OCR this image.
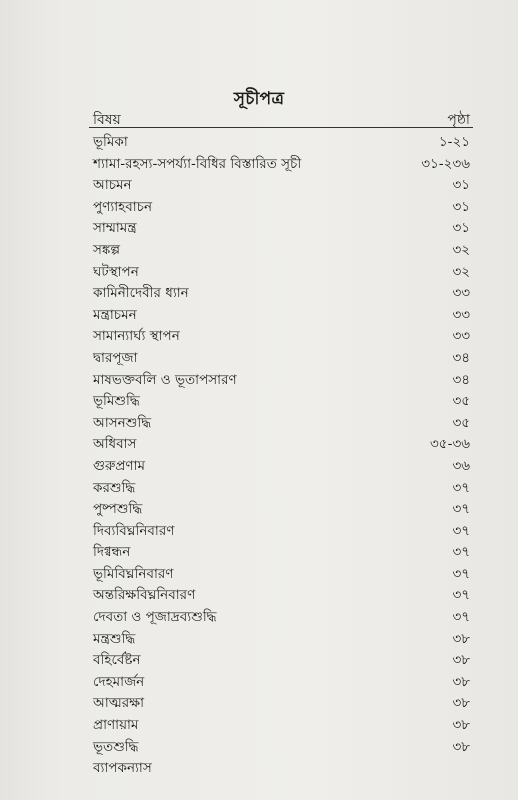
সূচীপত্র
বিষয়	পৃষ্ঠা
ভূমিকা	১-২১
শ্যামা-রহস্য-সপর্য্যা-বিধির বিস্তারিত সূচী	৩১-২৩৬
আচমন	৩১
পুণ্যাহবাচন	৩১
সাম্মামন্ত্র	৩১
সঙ্কল্প	৩২
ঘটস্থাপন	৩২
কামিনীদেবীর ধ্যান	৩৩
মন্ত্রাচমন	৩৩
সামান্যার্ঘ্য স্থাপন	৩৩
দ্বারপূজা	৩৪
মাষভক্তবলি ও ভূতাপসারণ	৩৪
ভূমিশুদ্ধি	৩৫
আসনশুদ্ধি	৩৫
অধিবাস	৩৫-৩৬
গুরুপ্রণাম	৩৬
করশুদ্ধি	৩৭
পুষ্পশুদ্ধি	৩৭
দিব্যবিঘ্ননিবারণ	৩৭
দিগ্বন্ধন	৩৭
ভূমিবিঘ্ননিবারণ	৩৭
অন্তরিক্ষবিঘ্ননিবারণ	৩৭
দেবতা ও পূজাদ্রব্যশুদ্ধি	৩৭
মন্ত্রশুদ্ধি	৩৮
বহির্বেষ্টন	৩৮
দেহমার্জন	৩৮
আত্মরক্ষা	৩৮
প্রাণায়াম	৩৮
ভূতশুদ্ধি	৩৮
ব্যাপকন্যাস
